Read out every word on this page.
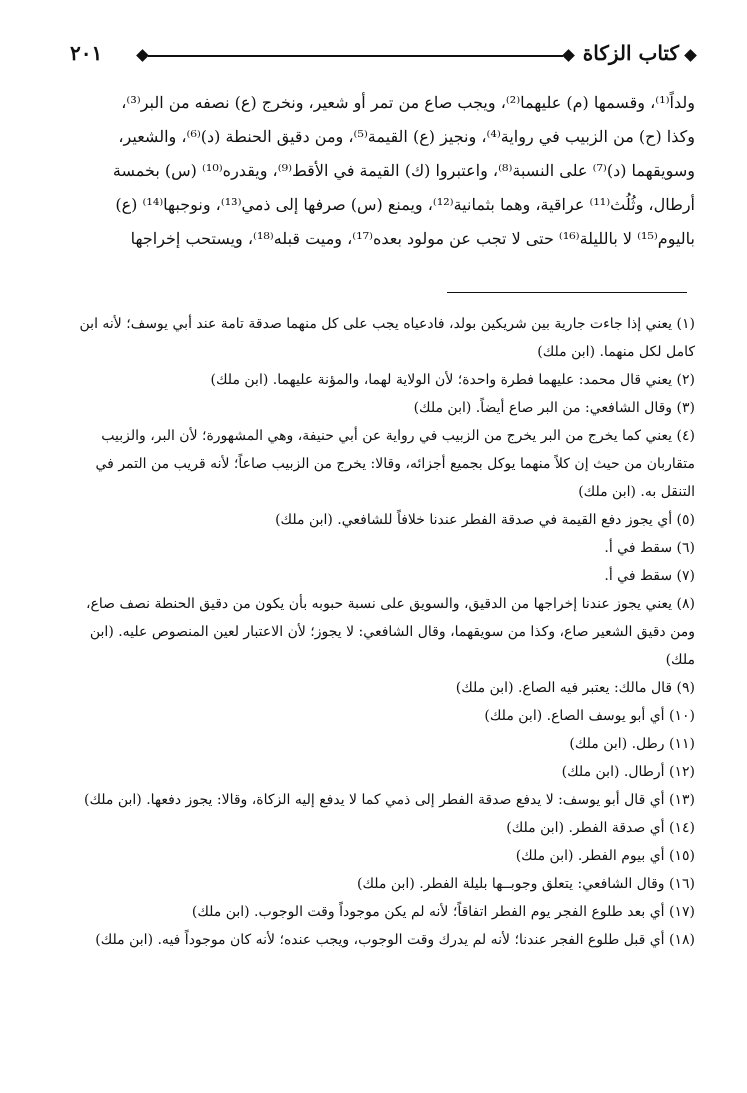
كتاب الزكاة
٢٠١
ولداً⁽¹⁾، وقسمها (م) عليهما⁽²⁾، ويجب صاع من تمر أو شعير، ونخرج (ع) نصفه من البر⁽³⁾،
وكذا (ح) من الزبيب في رواية⁽⁴⁾، ونجيز (ع) القيمة⁽⁵⁾، ومن دقيق الحنطة (د)⁽⁶⁾، والشعير،
وسويقهما (د)⁽⁷⁾ على النسبة⁽⁸⁾، واعتبروا (ك) القيمة في الأقط⁽⁹⁾، ويقدره⁽¹⁰⁾ (س) بخمسة
أرطال، وثُلُث⁽¹¹⁾ عراقية، وهما بثمانية⁽¹²⁾، ويمنع (س) صرفها إلى ذمي⁽¹³⁾، ونوجبها⁽¹⁴⁾ (ع)
باليوم⁽¹⁵⁾ لا بالليلة⁽¹⁶⁾ حتى لا تجب عن مولود بعده⁽¹⁷⁾، وميت قبله⁽¹⁸⁾، ويستحب إخراجها
(١) يعني إذا جاءت جارية بين شريكين بولد، فادعياه يجب على كل منهما صدقة تامة عند أبي يوسف؛ لأنه ابن كامل لكل منهما. (ابن ملك)
(٢) يعني قال محمد: عليهما فطرة واحدة؛ لأن الولاية لهما، والمؤنة عليهما. (ابن ملك)
(٣) وقال الشافعي: من البر صاع أيضاً. (ابن ملك)
(٤) يعني كما يخرج من البر يخرج من الزبيب في رواية عن أبي حنيفة، وهي المشهورة؛ لأن البر، والزبيب متقاربان من حيث إن كلاً منهما يوكل بجميع أجزائه، وقالا: يخرج من الزبيب صاعاً؛ لأنه قريب من التمر في التنقل به. (ابن ملك)
(٥) أي يجوز دفع القيمة في صدقة الفطر عندنا خلافاً للشافعي. (ابن ملك)
(٦) سقط في أ.
(٧) سقط في أ.
(٨) يعني يجوز عندنا إخراجها من الدقيق، والسويق على نسبة حبوبه بأن يكون من دقيق الحنطة نصف صاع، ومن دقيق الشعير صاع، وكذا من سويقهما، وقال الشافعي: لا يجوز؛ لأن الاعتبار لعين المنصوص عليه. (ابن ملك)
(٩) قال مالك: يعتبر فيه الصاع. (ابن ملك)
(١٠) أي أبو يوسف الصاع. (ابن ملك)
(١١) رطل. (ابن ملك)
(١٢) أرطال. (ابن ملك)
(١٣) أي قال أبو يوسف: لا يدفع صدقة الفطر إلى ذمي كما لا يدفع إليه الزكاة، وقالا: يجوز دفعها. (ابن ملك)
(١٤) أي صدقة الفطر. (ابن ملك)
(١٥) أي بيوم الفطر. (ابن ملك)
(١٦) وقال الشافعي: يتعلق وجوبــها بليلة الفطر. (ابن ملك)
(١٧) أي بعد طلوع الفجر يوم الفطر اتفاقاً؛ لأنه لم يكن موجوداً وقت الوجوب. (ابن ملك)
(١٨) أي قبل طلوع الفجر عندنا؛ لأنه لم يدرك وقت الوجوب، ويجب عنده؛ لأنه كان موجوداً فيه. (ابن ملك)
